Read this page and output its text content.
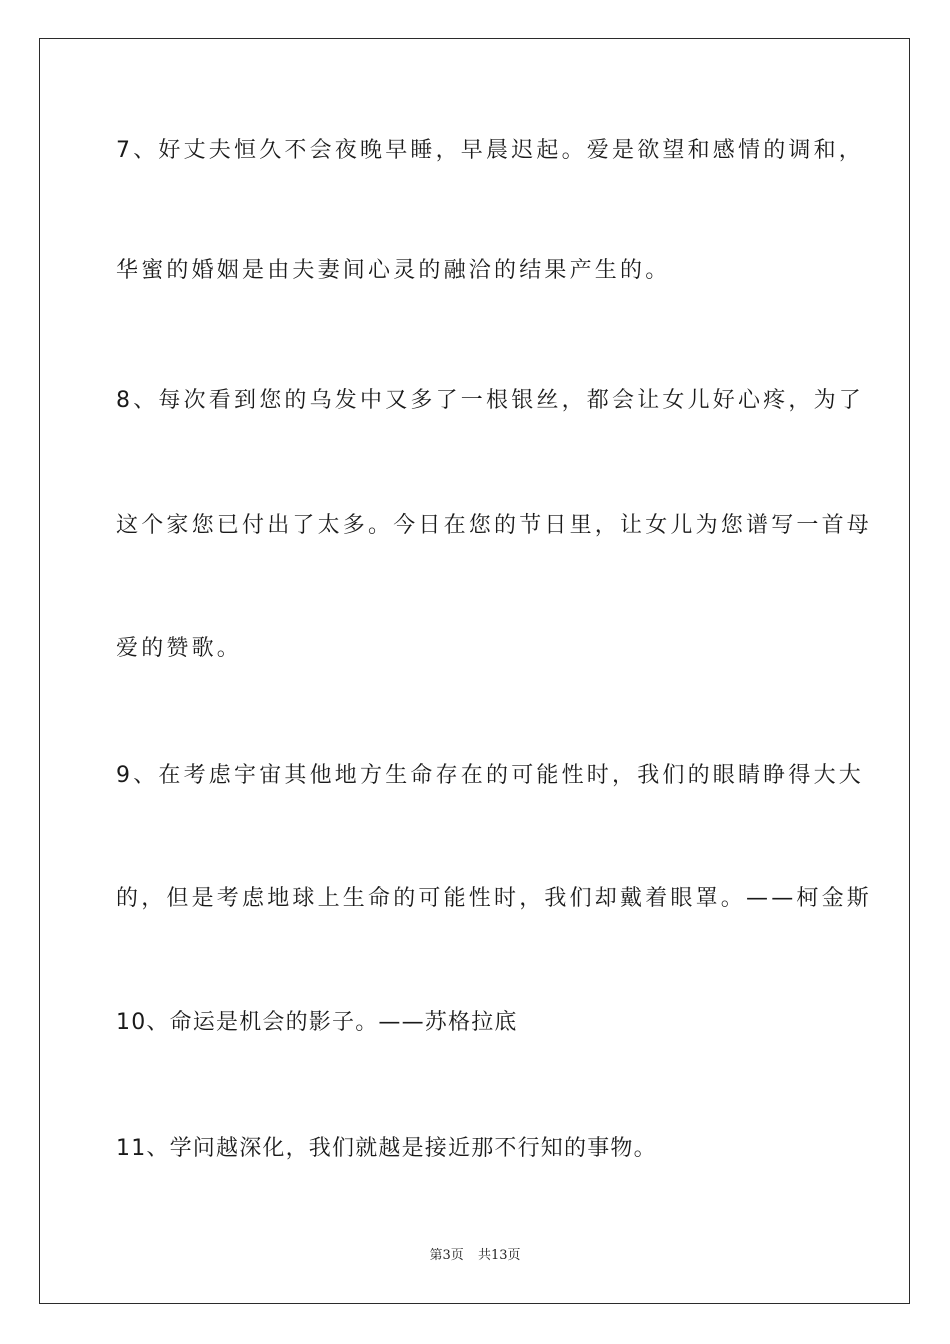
7、好丈夫恒久不会夜晚早睡，早晨迟起。爱是欲望和感情的调和，
华蜜的婚姻是由夫妻间心灵的融洽的结果产生的。
8、每次看到您的乌发中又多了一根银丝，都会让女儿好心疼，为了
这个家您已付出了太多。今日在您的节日里，让女儿为您谱写一首母
爱的赞歌。
9、在考虑宇宙其他地方生命存在的可能性时，我们的眼睛睁得大大
的，但是考虑地球上生命的可能性时，我们却戴着眼罩。——柯金斯
10、命运是机会的影子。——苏格拉底
11、学问越深化，我们就越是接近那不行知的事物。
第3页 共13页
